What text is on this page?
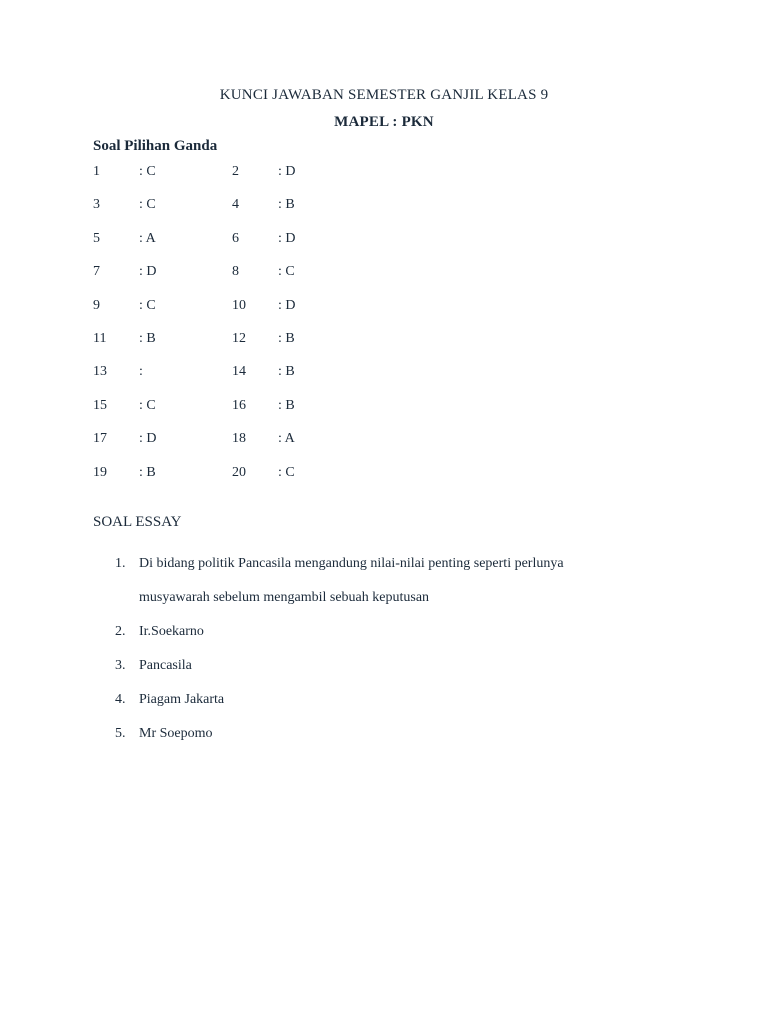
KUNCI JAWABAN SEMESTER GANJIL KELAS 9
MAPEL : PKN
Soal Pilihan Ganda
1	: C	2	: D
3	: C	4	: B
5	: A	6	: D
7	: D	8	: C
9	: C	10 : D
11 : B	12 : B
13 :	14 : B
15 : C	16 : B
17 : D	18 : A
19 : B	20 : C
SOAL ESSAY
1. Di bidang politik Pancasila mengandung nilai-nilai penting seperti perlunya
musyawarah sebelum mengambil sebuah keputusan
2. Ir.Soekarno
3. Pancasila
4. Piagam Jakarta
5. Mr Soepomo
